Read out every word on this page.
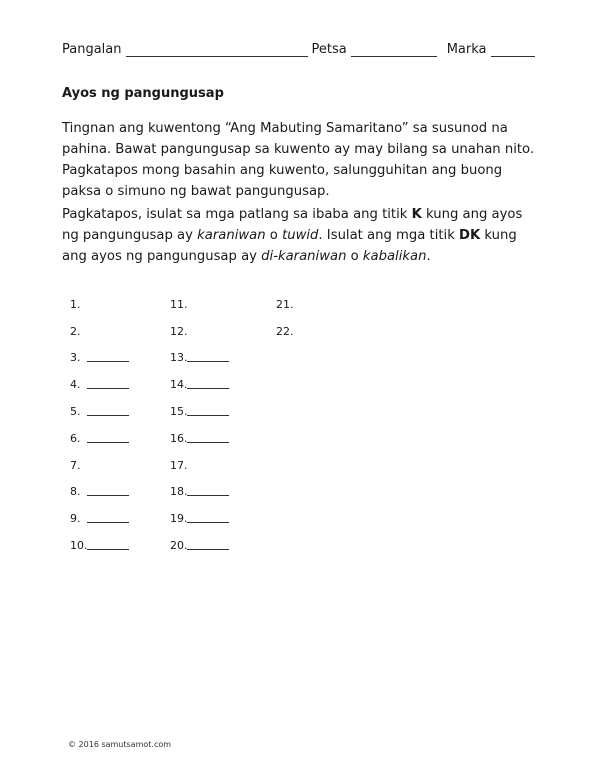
Pangalan	Petsa	Marka
Ayos ng pangungusap

Tingnan ang kuwentong “Ang Mabuting Samaritano” sa susunod na pahina. Bawat pangungusap sa kuwento ay may bilang sa unahan nito. Pagkatapos mong basahin ang kuwento, salungguhitan ang buong paksa o simuno ng bawat pangungusap.

Pagkatapos, isulat sa mga patlang sa ibaba ang titik K kung ang ayos ng pangungusap ay karaniwan o tuwid. Isulat ang mga titik DK kung ang ayos ng pangungusap ay di-karaniwan o kabalikan.

1.
2.
3.
4.
5.
6.
7.
8.
9.
10.
11.
12.
13.
14.
15.
16.
17.
18.
19.
20.
21.
22.
© 2016 samutsamot.com
